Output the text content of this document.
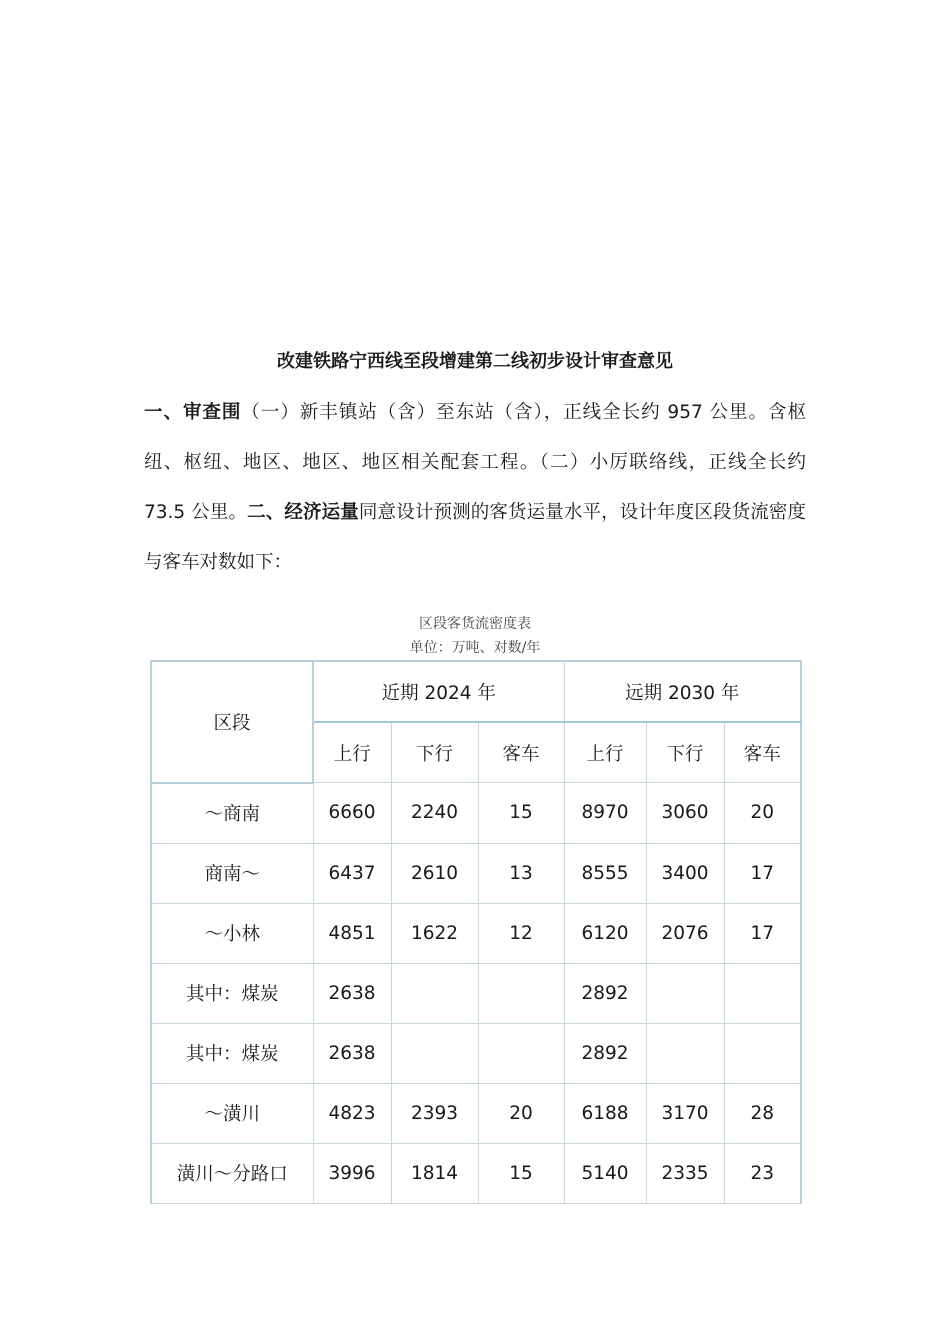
改建铁路宁西线至段增建第二线初步设计审查意见
一、审查围（一）新丰镇站（含）至东站（含），正线全长约 957 公里。含枢纽、枢纽、地区、地区、地区相关配套工程。（二）小厉联络线，正线全长约 73.5 公里。二、经济运量同意设计预测的客货运量水平，设计年度区段货流密度与客车对数如下：
区段客货流密度表
单位：万吨、对数/年
区段	近期 2024 年			远期 2030 年		
	上行	下行	客车	上行	下行	客车
～商南	6660	2240	15	8970	3060	20
商南～	6437	2610	13	8555	3400	17
～小林	4851	1622	12	6120	2076	17
其中：煤炭	2638			2892		
其中：煤炭	2638			2892		
～潢川	4823	2393	20	6188	3170	28
潢川～分路口	3996	1814	15	5140	2335	23
